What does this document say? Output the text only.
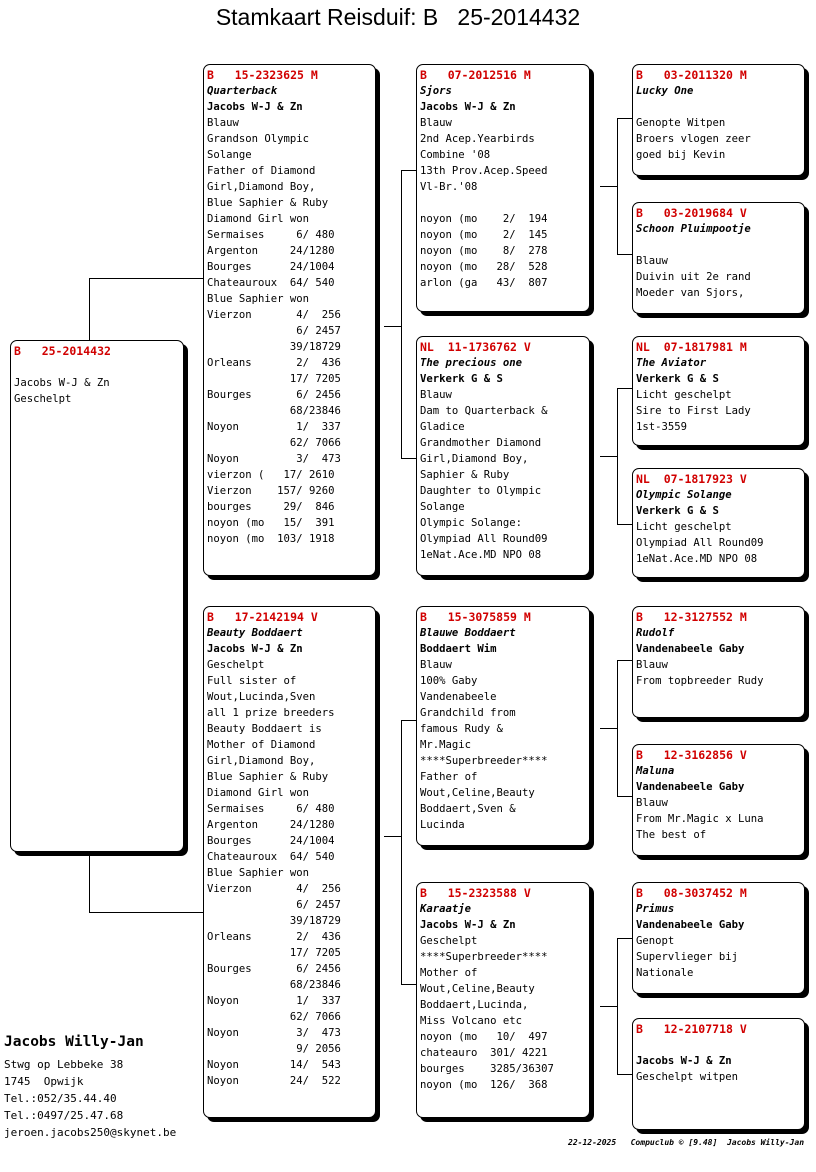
Stamkaart Reisduif: B   25-2014432
B   25-2014432
Jacobs W-J & Zn
Geschelpt
B   15-2323625 M
Quarterback
Jacobs W-J & Zn
Blauw
Grandson Olympic
Solange
Father of Diamond
Girl,Diamond Boy,
Blue Saphier & Ruby
Diamond Girl won
Sermaises     6/ 480
Argenton     24/1280
Bourges      24/1004
Chateauroux  64/ 540
Blue Saphier won
Vierzon       4/  256
6/ 2457
39/18729
Orleans       2/  436
17/ 7205
Bourges       6/ 2456
68/23846
Noyon         1/  337
62/ 7066
Noyon         3/  473
vierzon (   17/ 2610
Vierzon    157/ 9260
bourges     29/  846
noyon (mo   15/  391
noyon (mo  103/ 1918
B   17-2142194 V
Beauty Boddaert
Jacobs W-J & Zn
Geschelpt
Full sister of
Wout,Lucinda,Sven
all 1 prize breeders
Beauty Boddaert is
Mother of Diamond
Girl,Diamond Boy,
Blue Saphier & Ruby
Diamond Girl won
Sermaises     6/ 480
Argenton     24/1280
Bourges      24/1004
Chateauroux  64/ 540
Blue Saphier won
Vierzon       4/  256
6/ 2457
39/18729
Orleans       2/  436
17/ 7205
Bourges       6/ 2456
68/23846
Noyon         1/  337
62/ 7066
Noyon         3/  473
9/ 2056
Noyon        14/  543
Noyon        24/  522
B   07-2012516 M
Sjors
Jacobs W-J & Zn
Blauw
2nd Acep.Yearbirds
Combine '08
13th Prov.Acep.Speed
Vl-Br.'08
noyon (mo    2/  194
noyon (mo    2/  145
noyon (mo    8/  278
noyon (mo   28/  528
arlon (ga   43/  807
NL  11-1736762 V
The precious one
Verkerk G & S
Blauw
Dam to Quarterback &
Gladice
Grandmother Diamond
Girl,Diamond Boy,
Saphier & Ruby
Daughter to Olympic
Solange
Olympic Solange:
Olympiad All Round09
1eNat.Ace.MD NPO 08
B   15-3075859 M
Blauwe Boddaert
Boddaert Wim
Blauw
100% Gaby
Vandenabeele
Grandchild from
famous Rudy &
Mr.Magic
****Superbreeder****
Father of
Wout,Celine,Beauty
Boddaert,Sven &
Lucinda
B   15-2323588 V
Karaatje
Jacobs W-J & Zn
Geschelpt
****Superbreeder****
Mother of
Wout,Celine,Beauty
Boddaert,Lucinda,
Miss Volcano etc
noyon (mo   10/  497
chateauro  301/ 4221
bourges    3285/36307
noyon (mo  126/  368
B   03-2011320 M
Lucky One
Genopte Witpen
Broers vlogen zeer
goed bij Kevin
B   03-2019684 V
Schoon Pluimpootje
Blauw
Duivin uit 2e rand
Moeder van Sjors,
NL  07-1817981 M
The Aviator
Verkerk G & S
Licht geschelpt
Sire to First Lady
1st-3559
NL  07-1817923 V
Olympic Solange
Verkerk G & S
Licht geschelpt
Olympiad All Round09
1eNat.Ace.MD NPO 08
B   12-3127552 M
Rudolf
Vandenabeele Gaby
Blauw
From topbreeder Rudy
B   12-3162856 V
Maluna
Vandenabeele Gaby
Blauw
From Mr.Magic x Luna
The best of
B   08-3037452 M
Primus
Vandenabeele Gaby
Genopt
Supervlieger bij
Nationale
B   12-2107718 V
Jacobs W-J & Zn
Geschelpt witpen
Jacobs Willy-Jan
Stwg op Lebbeke 38
1745  Opwijk
Tel.:052/35.44.40
Tel.:0497/25.47.68
jeroen.jacobs250@skynet.be
22-12-2025   Compuclub © [9.48]  Jacobs Willy-Jan
